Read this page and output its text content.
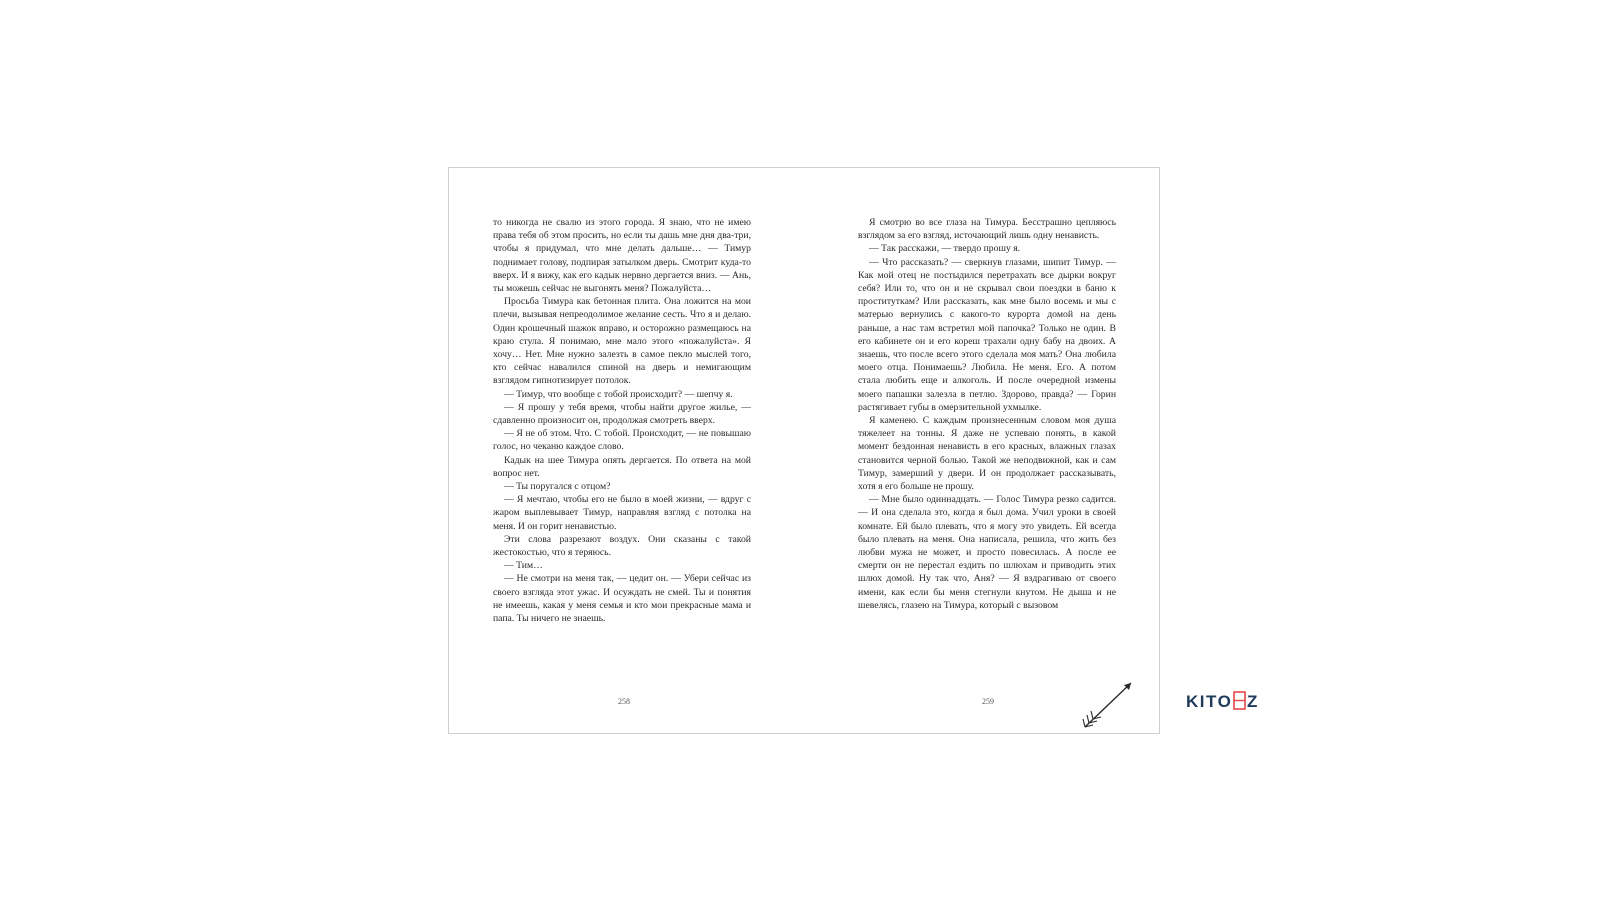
то никогда не свалю из этого города. Я знаю, что не имею права тебя об этом просить, но если ты дашь мне дня два-три, чтобы я придумал, что мне делать дальше… — Тимур поднимает голову, подпирая затылком дверь. Смотрит куда-то вверх. И я вижу, как его кадык нервно дергается вниз. — Ань, ты можешь сейчас не выгонять меня? Пожалуйста…

Просьба Тимура как бетонная плита. Она ложится на мои плечи, вызывая непреодолимое желание сесть. Что я и делаю. Один крошечный шажок вправо, и осторожно размещаюсь на краю стула. Я понимаю, мне мало этого «пожалуйста». Я хочу… Нет. Мне нужно залезть в самое пекло мыслей того, кто сейчас навалился спиной на дверь и немигающим взглядом гипнотизирует потолок.

— Тимур, что вообще с тобой происходит? — шепчу я.

— Я прошу у тебя время, чтобы найти другое жилье, — сдавленно произносит он, продолжая смотреть вверх.

— Я не об этом. Что. С тобой. Происходит, — не повышаю голос, но чеканю каждое слово.

Кадык на шее Тимура опять дергается. По ответа на мой вопрос нет.

— Ты поругался с отцом?

— Я мечтаю, чтобы его не было в моей жизни, — вдруг с жаром выплевывает Тимур, направляя взгляд с потолка на меня. И он горит ненавистью.

Эти слова разрезают воздух. Они сказаны с такой жестокостью, что я теряюсь.

— Тим…

— Не смотри на меня так, — цедит он. — Убери сейчас из своего взгляда этот ужас. И осуждать не смей. Ты и понятия не имеешь, какая у меня семья и кто мои прекрасные мама и папа. Ты ничего не знаешь.

Я смотрю во все глаза на Тимура. Бесстрашно цепляюсь взглядом за его взгляд, источающий лишь одну ненависть.

— Так расскажи, — твердо прошу я.

— Что рассказать? — сверкнув глазами, шипит Тимур. — Как мой отец не постыдился перетрахать все дырки вокруг себя? Или то, что он и не скрывал свои поездки в баню к проституткам? Или рассказать, как мне было восемь и мы с матерью вернулись с какого-то курорта домой на день раньше, а нас там встретил мой папочка? Только не один. В его кабинете он и его кореш трахали одну бабу на двоих. А знаешь, что после всего этого сделала моя мать? Она любила моего отца. Понимаешь? Любила. Не меня. Его. А потом стала любить еще и алкоголь. И после очередной измены моего папашки залезла в петлю. Здорово, правда? — Горин растягивает губы в омерзительной ухмылке.

Я каменею. С каждым произнесенным словом моя душа тяжелеет на тонны. Я даже не успеваю понять, в какой момент бездонная ненависть в его красных, влажных глазах становится черной болью. Такой же неподвижной, как и сам Тимур, замерший у двери. И он продолжает рассказывать, хотя я его больше не прошу.

— Мне было одиннадцать. — Голос Тимура резко садится. — И она сделала это, когда я был дома. Учил уроки в своей комнате. Ей было плевать, что я могу это увидеть. Ей всегда было плевать на меня. Она написала, решила, что жить без любви мужа не может, и просто повесилась. А после ее смерти он не перестал ездить по шлюхам и приводить этих шлюх домой. Ну так что, Аня? — Я вздрагиваю от своего имени, как если бы меня стегнули кнутом. Не дыша и не шевелясь, глазею на Тимура, который с вызовом

258	259	KITO Z
